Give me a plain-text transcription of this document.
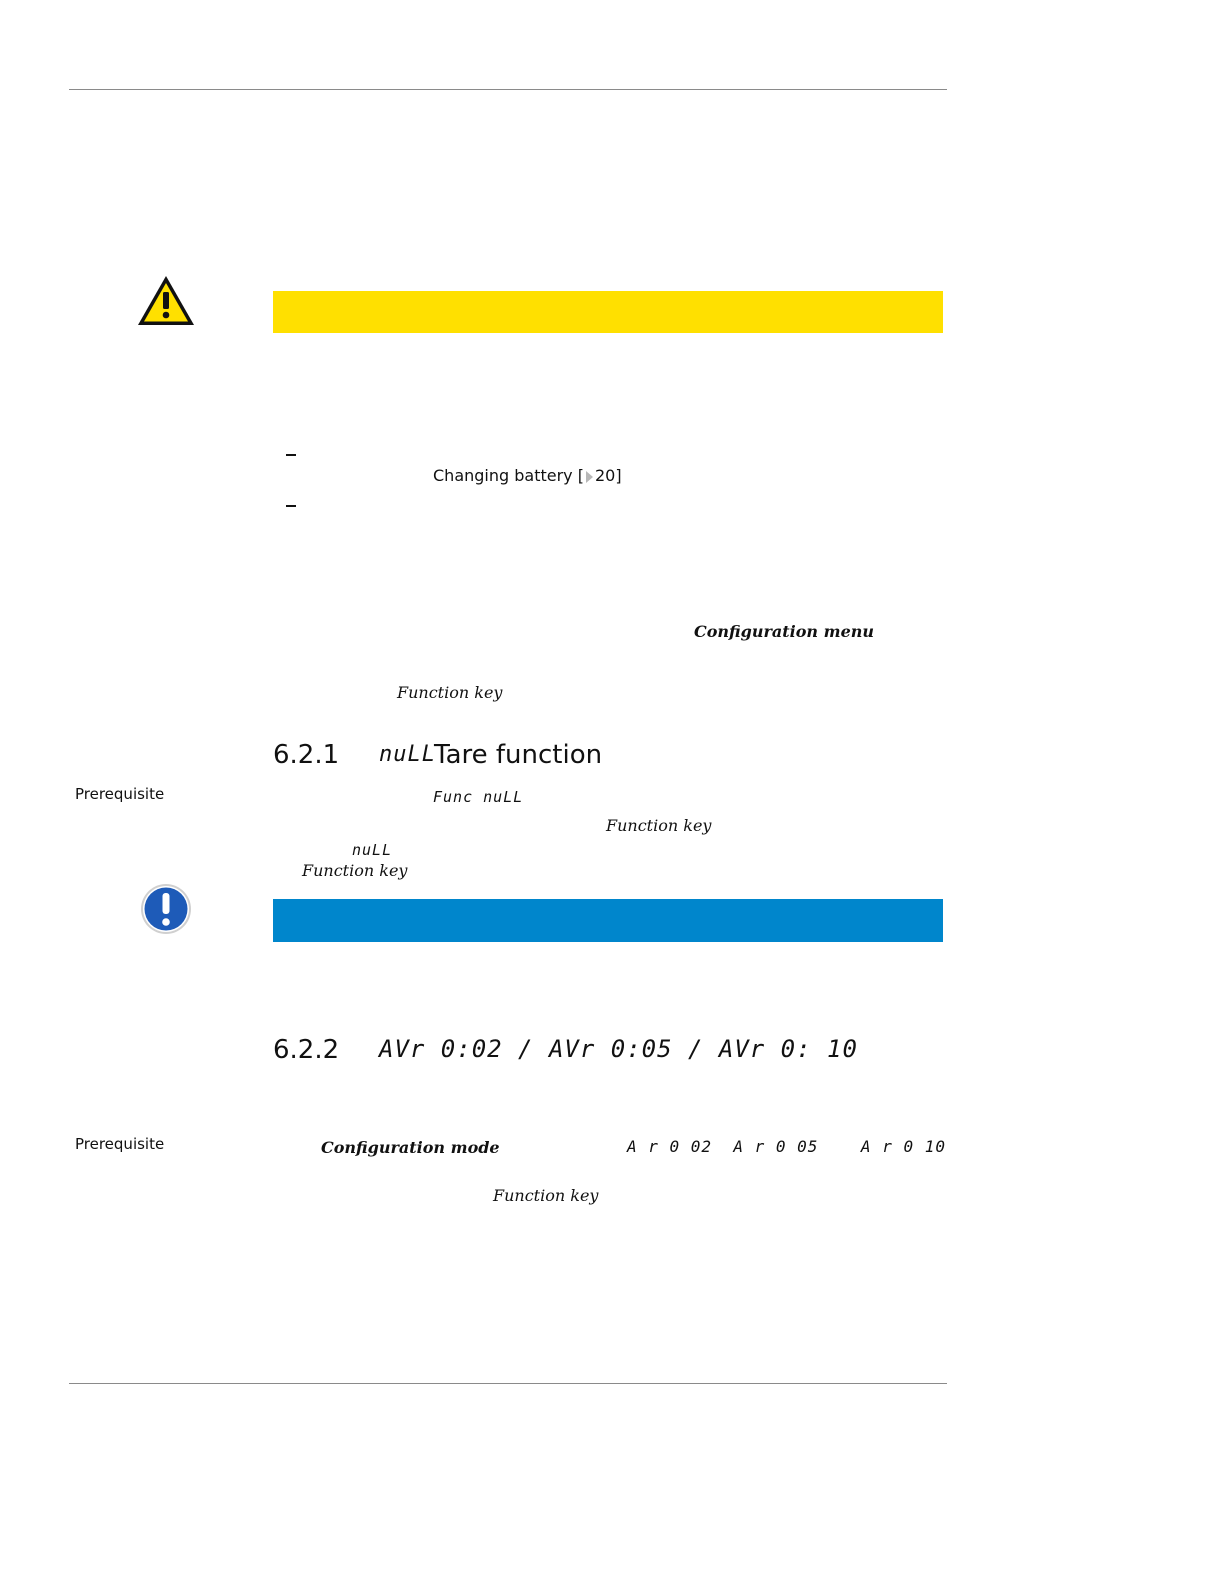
Changing battery [ 20]
Configuration menu
Function key
6.2.1 nuLL
Tare function
Prerequisite	Func nuLL
Function key
nuLL
Function key
6.2.2 AVr 0:02 / AVr 0:05 / AVr 0: 10
Prerequisite	Configuration mode	A r 0 02  A r 0 05    A r 0 10
Function key
